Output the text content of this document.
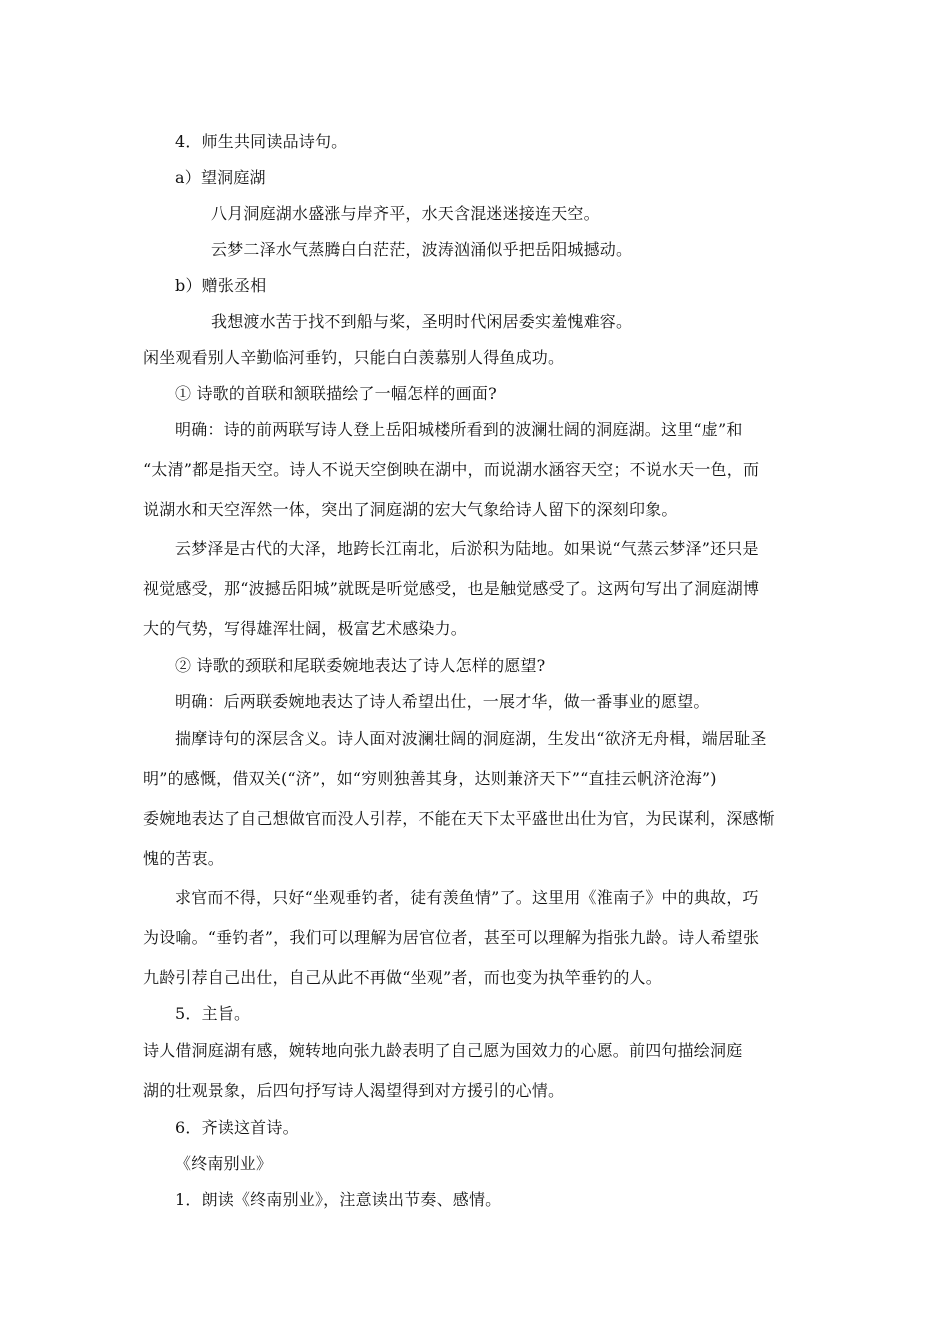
4．师生共同读品诗句。
a）望洞庭湖
八月洞庭湖水盛涨与岸齐平，水天含混迷迷接连天空。
云梦二泽水气蒸腾白白茫茫，波涛汹涌似乎把岳阳城撼动。
b）赠张丞相
我想渡水苦于找不到船与桨，圣明时代闲居委实羞愧难容。
闲坐观看别人辛勤临河垂钓，只能白白羡慕别人得鱼成功。
① 诗歌的首联和颔联描绘了一幅怎样的画面?
明确：诗的前两联写诗人登上岳阳城楼所看到的波澜壮阔的洞庭湖。这里“虚”和
“太清”都是指天空。诗人不说天空倒映在湖中，而说湖水涵容天空；不说水天一色，而
说湖水和天空浑然一体，突出了洞庭湖的宏大气象给诗人留下的深刻印象。
云梦泽是古代的大泽，地跨长江南北，后淤积为陆地。如果说“气蒸云梦泽”还只是
视觉感受，那“波撼岳阳城”就既是听觉感受，也是触觉感受了。这两句写出了洞庭湖博
大的气势，写得雄浑壮阔，极富艺术感染力。
② 诗歌的颈联和尾联委婉地表达了诗人怎样的愿望?
明确：后两联委婉地表达了诗人希望出仕，一展才华，做一番事业的愿望。
揣摩诗句的深层含义。诗人面对波澜壮阔的洞庭湖，生发出“欲济无舟楫，端居耻圣
明”的感慨，借双关(“济”，如“穷则独善其身，达则兼济天下”“直挂云帆济沧海”)
委婉地表达了自己想做官而没人引荐，不能在天下太平盛世出仕为官，为民谋利，深感惭
愧的苦衷。
求官而不得，只好“坐观垂钓者，徒有羡鱼情”了。这里用《淮南子》中的典故，巧
为设喻。“垂钓者”，我们可以理解为居官位者，甚至可以理解为指张九龄。诗人希望张
九龄引荐自己出仕，自己从此不再做“坐观”者，而也变为执竿垂钓的人。
5．主旨。
诗人借洞庭湖有感，婉转地向张九龄表明了自己愿为国效力的心愿。前四句描绘洞庭
湖的壮观景象，后四句抒写诗人渴望得到对方援引的心情。
6．齐读这首诗。
《终南别业》
1．朗读《终南别业》，注意读出节奏、感情。
